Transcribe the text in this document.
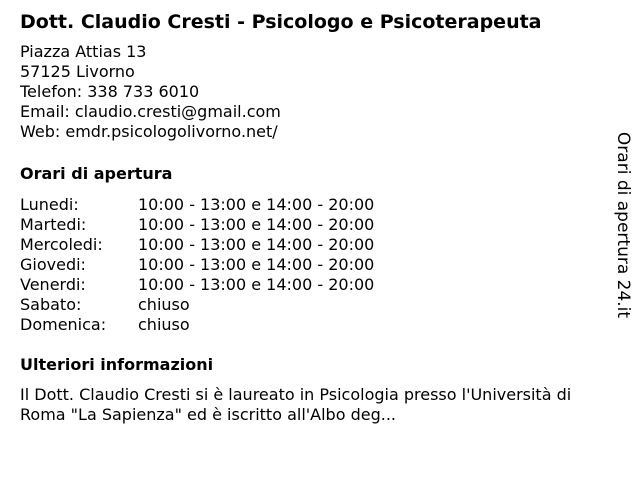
Dott. Claudio Cresti - Psicologo e Psicoterapeuta
Piazza Attias 13
57125 Livorno
Telefon: 338 733 6010
Email: claudio.cresti@gmail.com
Web: emdr.psicologolivorno.net/
Orari di apertura
Lunedi:	10:00 - 13:00 e 14:00 - 20:00
Martedi:	10:00 - 13:00 e 14:00 - 20:00
Mercoledi:	10:00 - 13:00 e 14:00 - 20:00
Giovedi:	10:00 - 13:00 e 14:00 - 20:00
Venerdi:	10:00 - 13:00 e 14:00 - 20:00
Sabato:	chiuso
Domenica:	chiuso
Ulteriori informazioni

Il Dott. Claudio Cresti si è laureato in Psicologia presso l'Università di Roma "La Sapienza" ed è iscritto all'Albo deg...

Orari di apertura 24.it
